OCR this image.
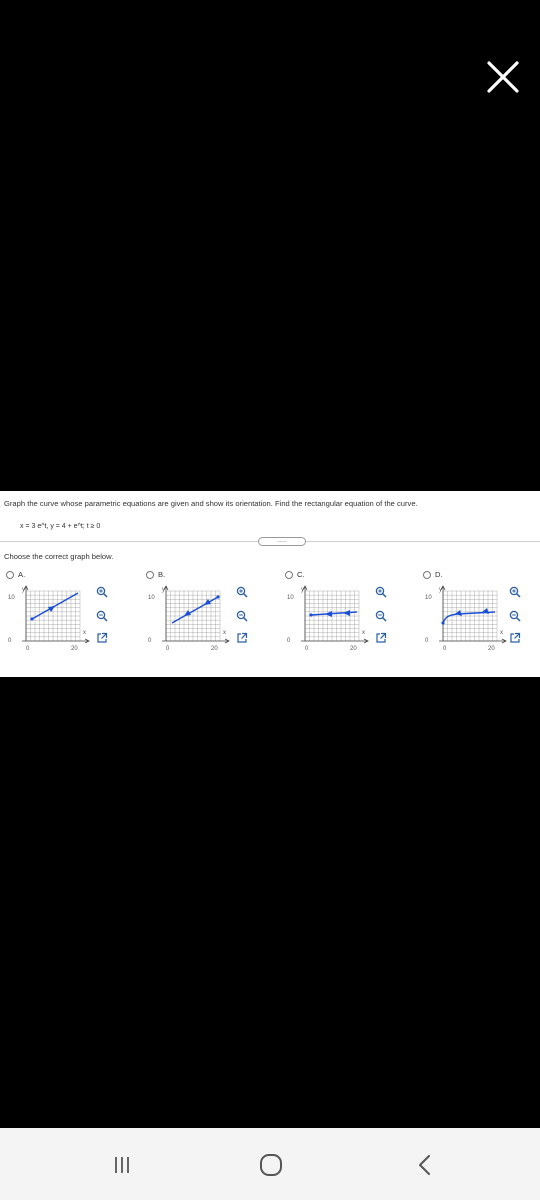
Graph the curve whose parametric equations are given and show its orientation. Find the rectangular equation of the curve.
x = 3 e^t, y = 4 + e^t; t ≥ 0
.....
Choose the correct graph below.
A.
y
10
0
x
0	20
B.
y
10
0
x
0	20
C.
y
10
0
x
0	20
D.
y
10
0
x
0	20
